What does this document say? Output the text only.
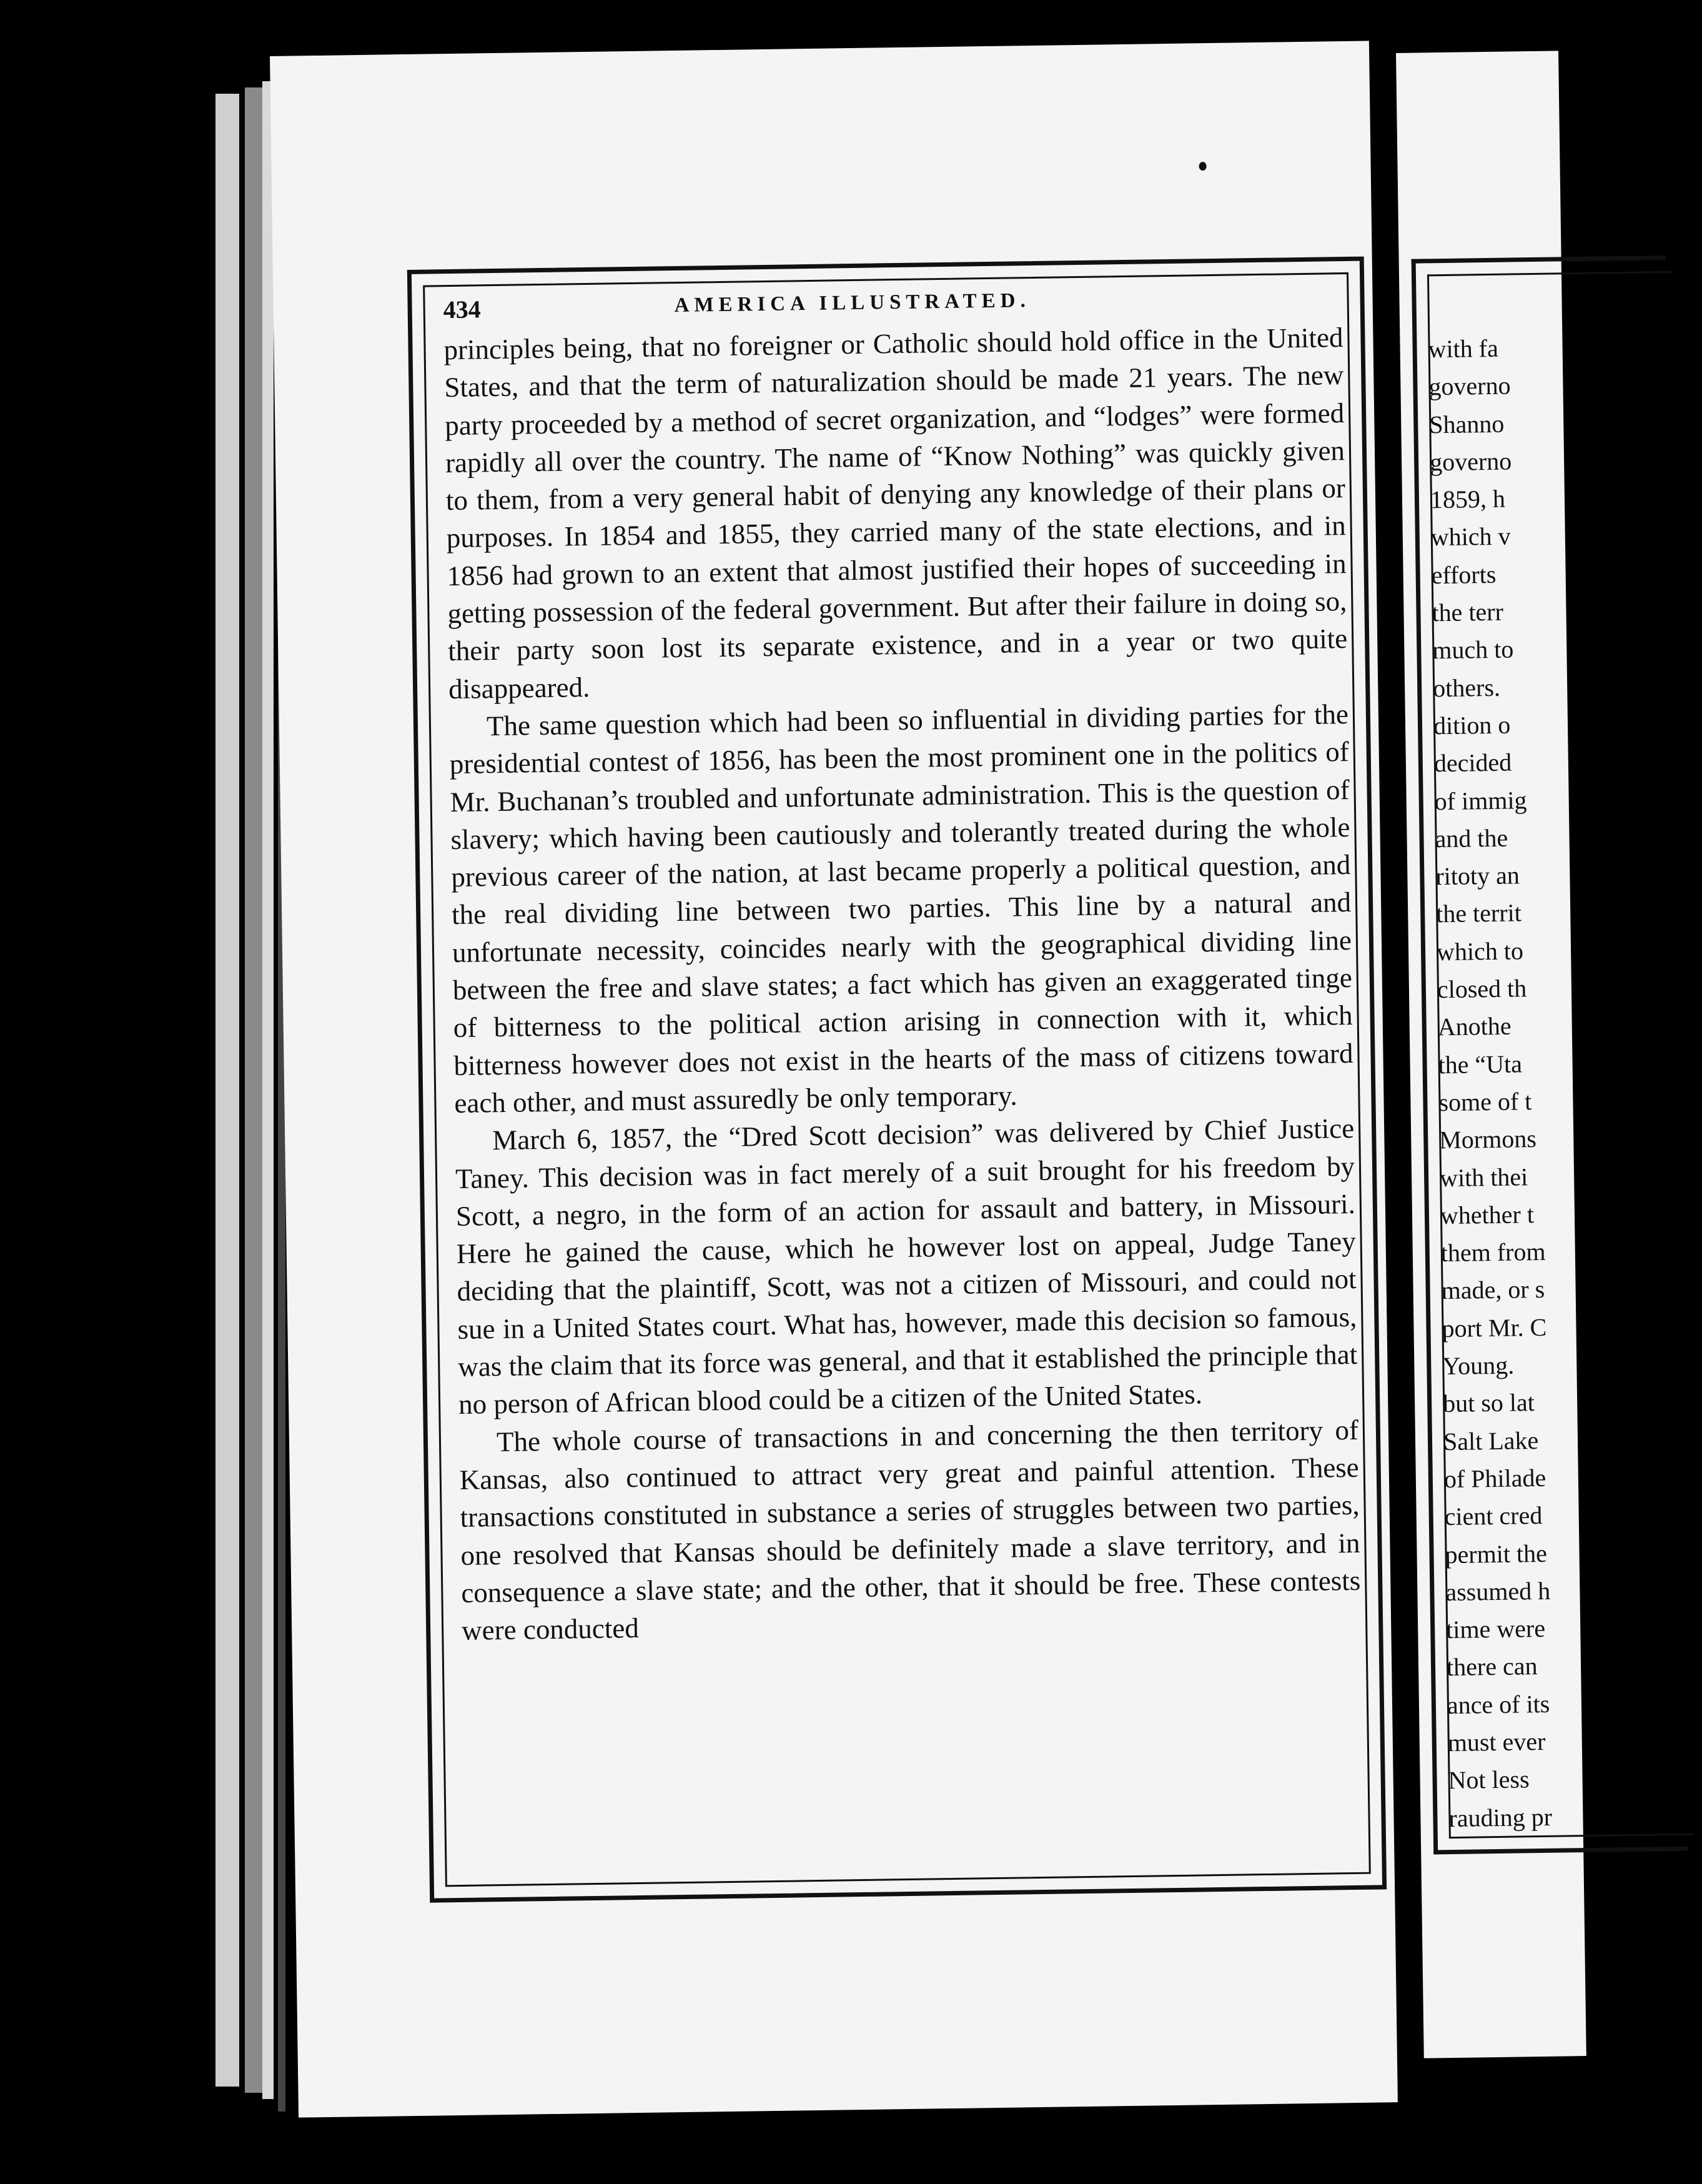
434	AMERICA ILLUSTRATED.

principles being, that no foreigner or Catholic should hold office in the United States, and that the term of naturalization should be made 21 years. The new party proceeded by a method of secret organization, and “lodges” were formed rapidly all over the country. The name of “Know Nothing” was quickly given to them, from a very general habit of denying any knowledge of their plans or purposes. In 1854 and 1855, they carried many of the state elections, and in 1856 had grown to an extent that almost justified their hopes of succeeding in getting possession of the federal government. But after their failure in doing so, their party soon lost its separate existence, and in a year or two quite disappeared.

The same question which had been so influential in dividing parties for the presidential contest of 1856, has been the most prominent one in the politics of Mr. Buchanan’s troubled and unfortunate administration. This is the question of slavery; which having been cautiously and tolerantly treated during the whole previous career of the nation, at last became properly a political question, and the real dividing line between two parties. This line by a natural and unfortunate necessity, coincides nearly with the geographical dividing line between the free and slave states; a fact which has given an exaggerated tinge of bitterness to the political action arising in connection with it, which bitterness however does not exist in the hearts of the mass of citizens toward each other, and must assuredly be only temporary.

March 6, 1857, the “Dred Scott decision” was delivered by Chief Justice Taney. This decision was in fact merely of a suit brought for his freedom by Scott, a negro, in the form of an action for assault and battery, in Missouri. Here he gained the cause, which he however lost on appeal, Judge Taney deciding that the plaintiff, Scott, was not a citizen of Missouri, and could not sue in a United States court. What has, however, made this decision so famous, was the claim that its force was general, and that it established the principle that no person of African blood could be a citizen of the United States.

The whole course of transactions in and concerning the then territory of Kansas, also continued to attract very great and painful attention. These transactions constituted in substance a series of struggles between two parties, one resolved that Kansas should be definitely made a slave territory, and in consequence a slave state; and the other, that it should be free. These contests were conducted

with fa
governo
Shanno
governo
1859, h
which v
efforts
the terr
much to
others.
dition o
decided
of immig
and the
ritoty an
the territ
which to
closed th
Anothe
the “Uta
some of t
Mormons
with thei
whether t
them from
made, or s
port Mr. C
Young.
but so lat
Salt Lake
of Philade
cient cred
permit the
assumed h
time were
there can
ance of its
must ever
Not less
rauding pr
